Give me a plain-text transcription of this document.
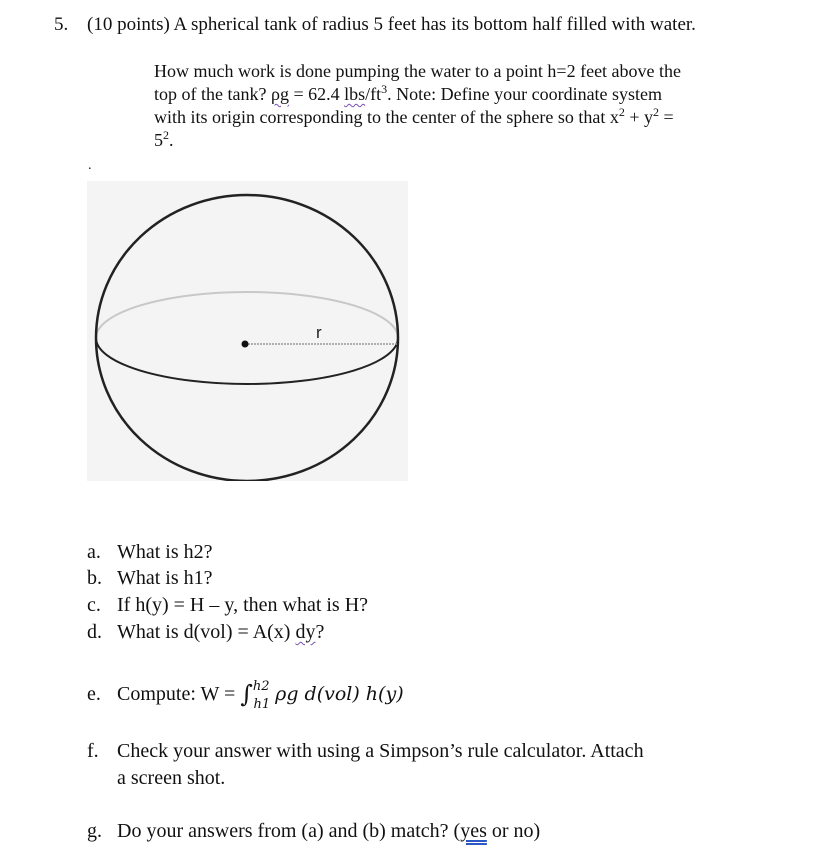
5. (10 points) A spherical tank of radius 5 feet has its bottom half filled with water.
How much work is done pumping the water to a point h=2 feet above the
top of the tank? ρg = 62.4 lbs/$ft^3$. Note: Define your coordinate system
with its origin corresponding to the center of the sphere so that $x^2 + y^2$ =
$5^2$.
.
r
a. What is h2?
b. What is h1?
c. If h(y) = H – y, then what is H?
d. What is d(vol) = A(x) dy?
e. Compute: W = ∫$^{h2}_{h1}$ ρg d(vol) h(y)
f. Check your answer with using a Simpson’s rule calculator. Attach
a screen shot.
g. Do your answers from (a) and (b) match? (yes or no)
